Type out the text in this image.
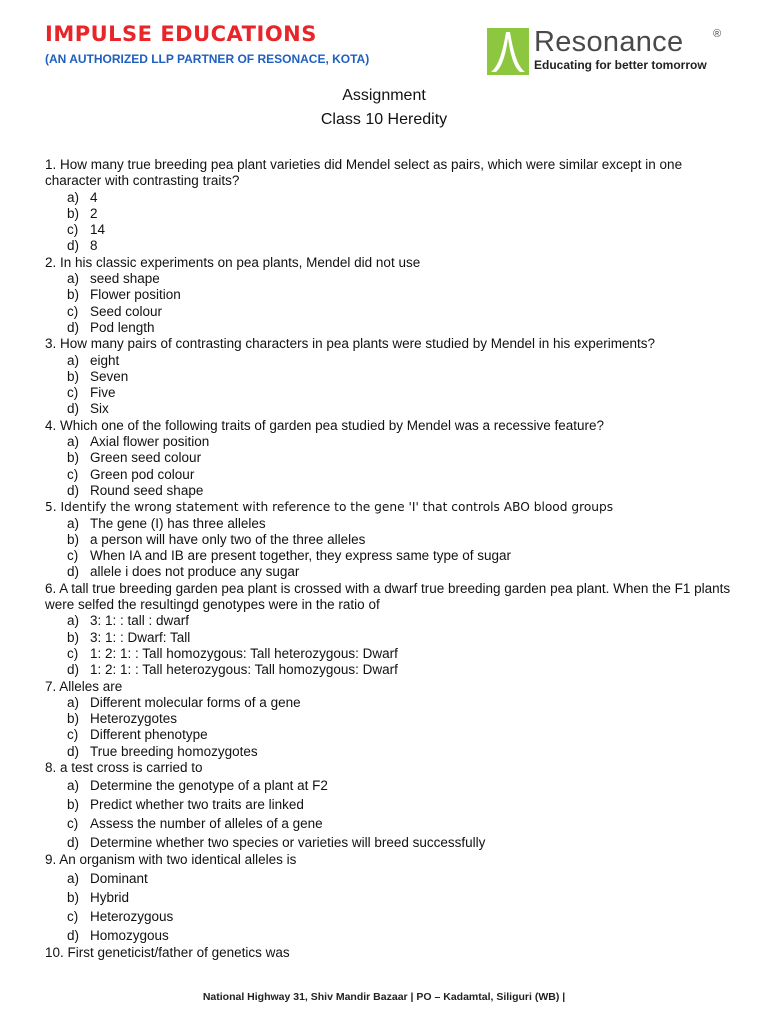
IMPULSE EDUCATIONS

(AN AUTHORIZED LLP PARTNER OF RESONACE, KOTA)

Resonance	®
Educating for better tomorrow
Assignment
Class 10 Heredity

1. How many true breeding pea plant varieties did Mendel select as pairs, which were similar except in one character with contrasting traits?

a) 4
b) 2
c) 14
d) 8

2. In his classic experiments on pea plants, Mendel did not use

a) seed shape
b) Flower position
c) Seed colour
d) Pod length

3. How many pairs of contrasting characters in pea plants were studied by Mendel in his experiments?

a) eight
b) Seven
c) Five
d) Six

4. Which one of the following traits of garden pea studied by Mendel was a recessive feature?

a) Axial flower position
b) Green seed colour
c) Green pod colour
d) Round seed shape

5. Identify the wrong statement with reference to the gene 'I' that controls ABO blood groups

a) The gene (I) has three alleles
b) a person will have only two of the three alleles
c) When IA and IB are present together, they express same type of sugar
d) allele i does not produce any sugar

6. A tall true breeding garden pea plant is crossed with a dwarf true breeding garden pea plant. When the F1 plants were selfed the resultingd genotypes were in the ratio of

a) 3: 1: : tall : dwarf
b) 3: 1: : Dwarf: Tall
c) 1: 2: 1: : Tall homozygous: Tall heterozygous: Dwarf
d) 1: 2: 1: : Tall heterozygous: Tall homozygous: Dwarf

7. Alleles are

a) Different molecular forms of a gene
b) Heterozygotes
c) Different phenotype
d) True breeding homozygotes

8. a test cross is carried to

a) Determine the genotype of a plant at F2
b) Predict whether two traits are linked
c) Assess the number of alleles of a gene
d) Determine whether two species or varieties will breed successfully

9. An organism with two identical alleles is

a) Dominant
b) Hybrid
c) Heterozygous
d) Homozygous

10. First geneticist/father of genetics was

National Highway 31, Shiv Mandir Bazaar | PO – Kadamtal, Siliguri (WB) |
